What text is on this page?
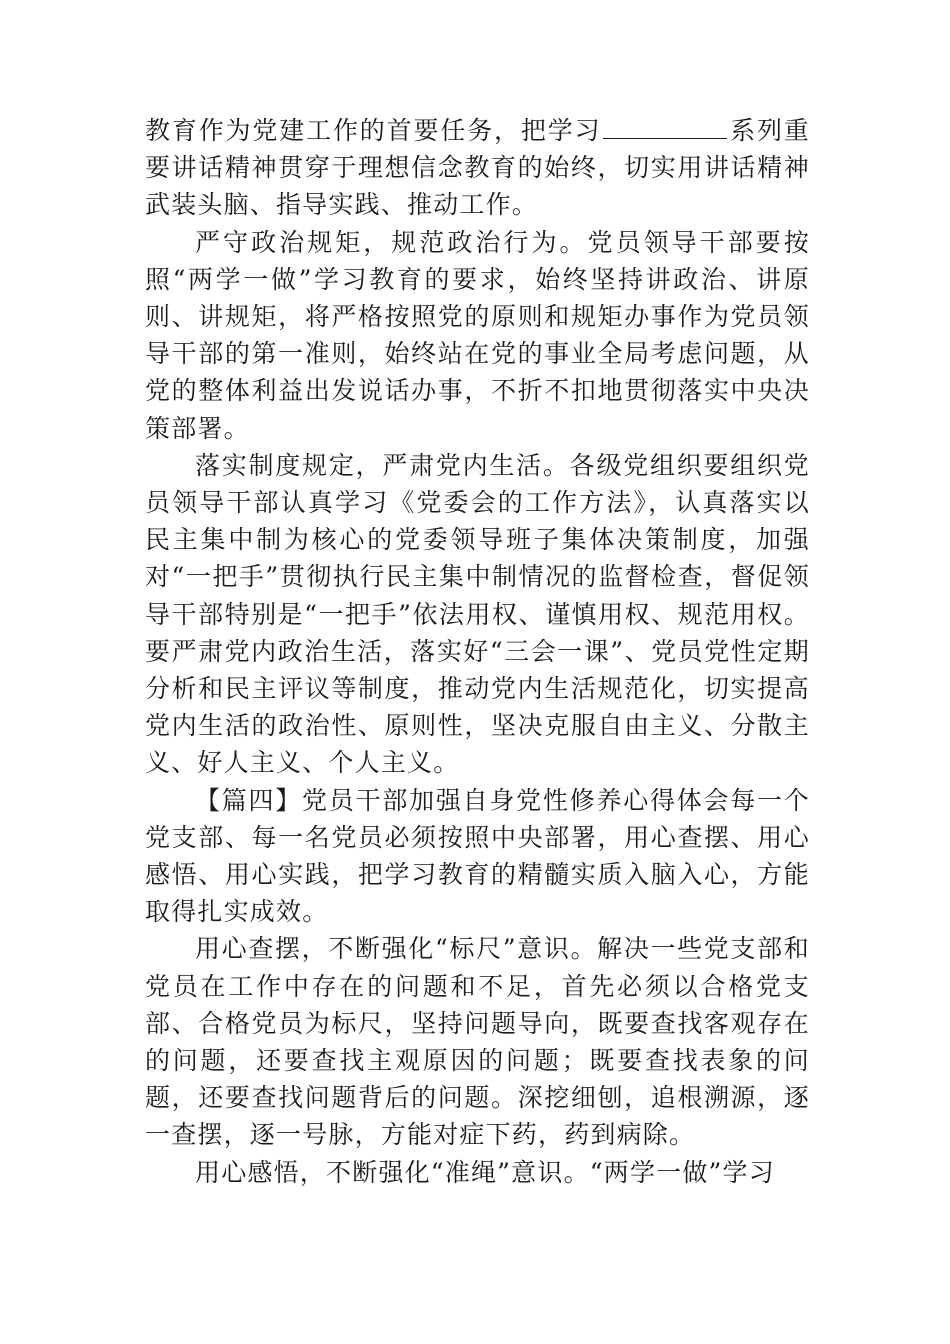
教育作为党建工作的首要任务，把学习	系列重要讲话精神贯穿于理想信念教育的始终，切实用讲话精神武装头脑、指导实践、推动工作。

严守政治规矩，规范政治行为。党员领导干部要按照“两学一做”学习教育的要求，始终坚持讲政治、讲原则、讲规矩，将严格按照党的原则和规矩办事作为党员领导干部的第一准则，始终站在党的事业全局考虑问题，从党的整体利益出发说话办事，不折不扣地贯彻落实中央决策部署。

落实制度规定，严肃党内生活。各级党组织要组织党员领导干部认真学习《党委会的工作方法》，认真落实以民主集中制为核心的党委领导班子集体决策制度，加强对“一把手”贯彻执行民主集中制情况的监督检查，督促领导干部特别是“一把手”依法用权、谨慎用权、规范用权。要严肃党内政治生活，落实好“三会一课”、党员党性定期分析和民主评议等制度，推动党内生活规范化，切实提高党内生活的政治性、原则性，坚决克服自由主义、分散主义、好人主义、个人主义。

【篇四】党员干部加强自身党性修养心得体会每一个党支部、每一名党员必须按照中央部署，用心查摆、用心感悟、用心实践，把学习教育的精髓实质入脑入心，方能取得扎实成效。

用心查摆，不断强化“标尺”意识。解决一些党支部和党员在工作中存在的问题和不足，首先必须以合格党支部、合格党员为标尺，坚持问题导向，既要查找客观存在的问题，还要查找主观原因的问题；既要查找表象的问题，还要查找问题背后的问题。深挖细刨，追根溯源，逐一查摆，逐一号脉，方能对症下药，药到病除。

用心感悟，不断强化“准绳”意识。“两学一做”学习
